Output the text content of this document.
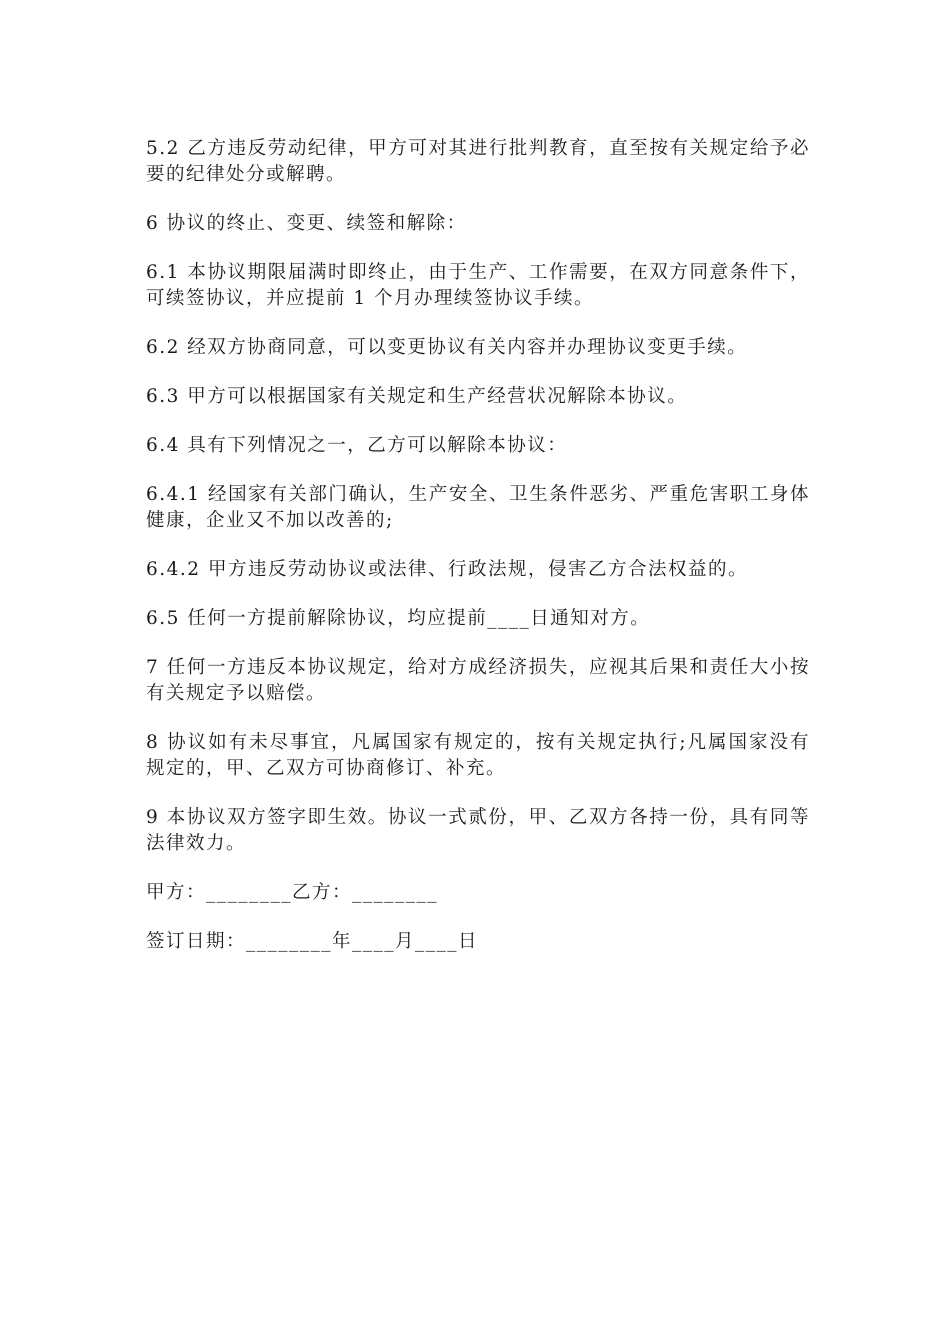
5.2 乙方违反劳动纪律，甲方可对其进行批判教育，直至按有关规定给予必要的纪律处分或解聘。

6 协议的终止、变更、续签和解除：

6.1 本协议期限届满时即终止，由于生产、工作需要，在双方同意条件下，可续签协议，并应提前 1 个月办理续签协议手续。

6.2 经双方协商同意，可以变更协议有关内容并办理协议变更手续。

6.3 甲方可以根据国家有关规定和生产经营状况解除本协议。

6.4 具有下列情况之一，乙方可以解除本协议：

6.4.1 经国家有关部门确认，生产安全、卫生条件恶劣、严重危害职工身体健康，企业又不加以改善的;

6.4.2 甲方违反劳动协议或法律、行政法规，侵害乙方合法权益的。

6.5 任何一方提前解除协议，均应提前____日通知对方。

7 任何一方违反本协议规定，给对方成经济损失，应视其后果和责任大小按有关规定予以赔偿。

8 协议如有未尽事宜，凡属国家有规定的，按有关规定执行;凡属国家没有规定的，甲、乙双方可协商修订、补充。

9 本协议双方签字即生效。协议一式贰份，甲、乙双方各持一份，具有同等法律效力。

甲方：________乙方：________

签订日期：________年____月____日
